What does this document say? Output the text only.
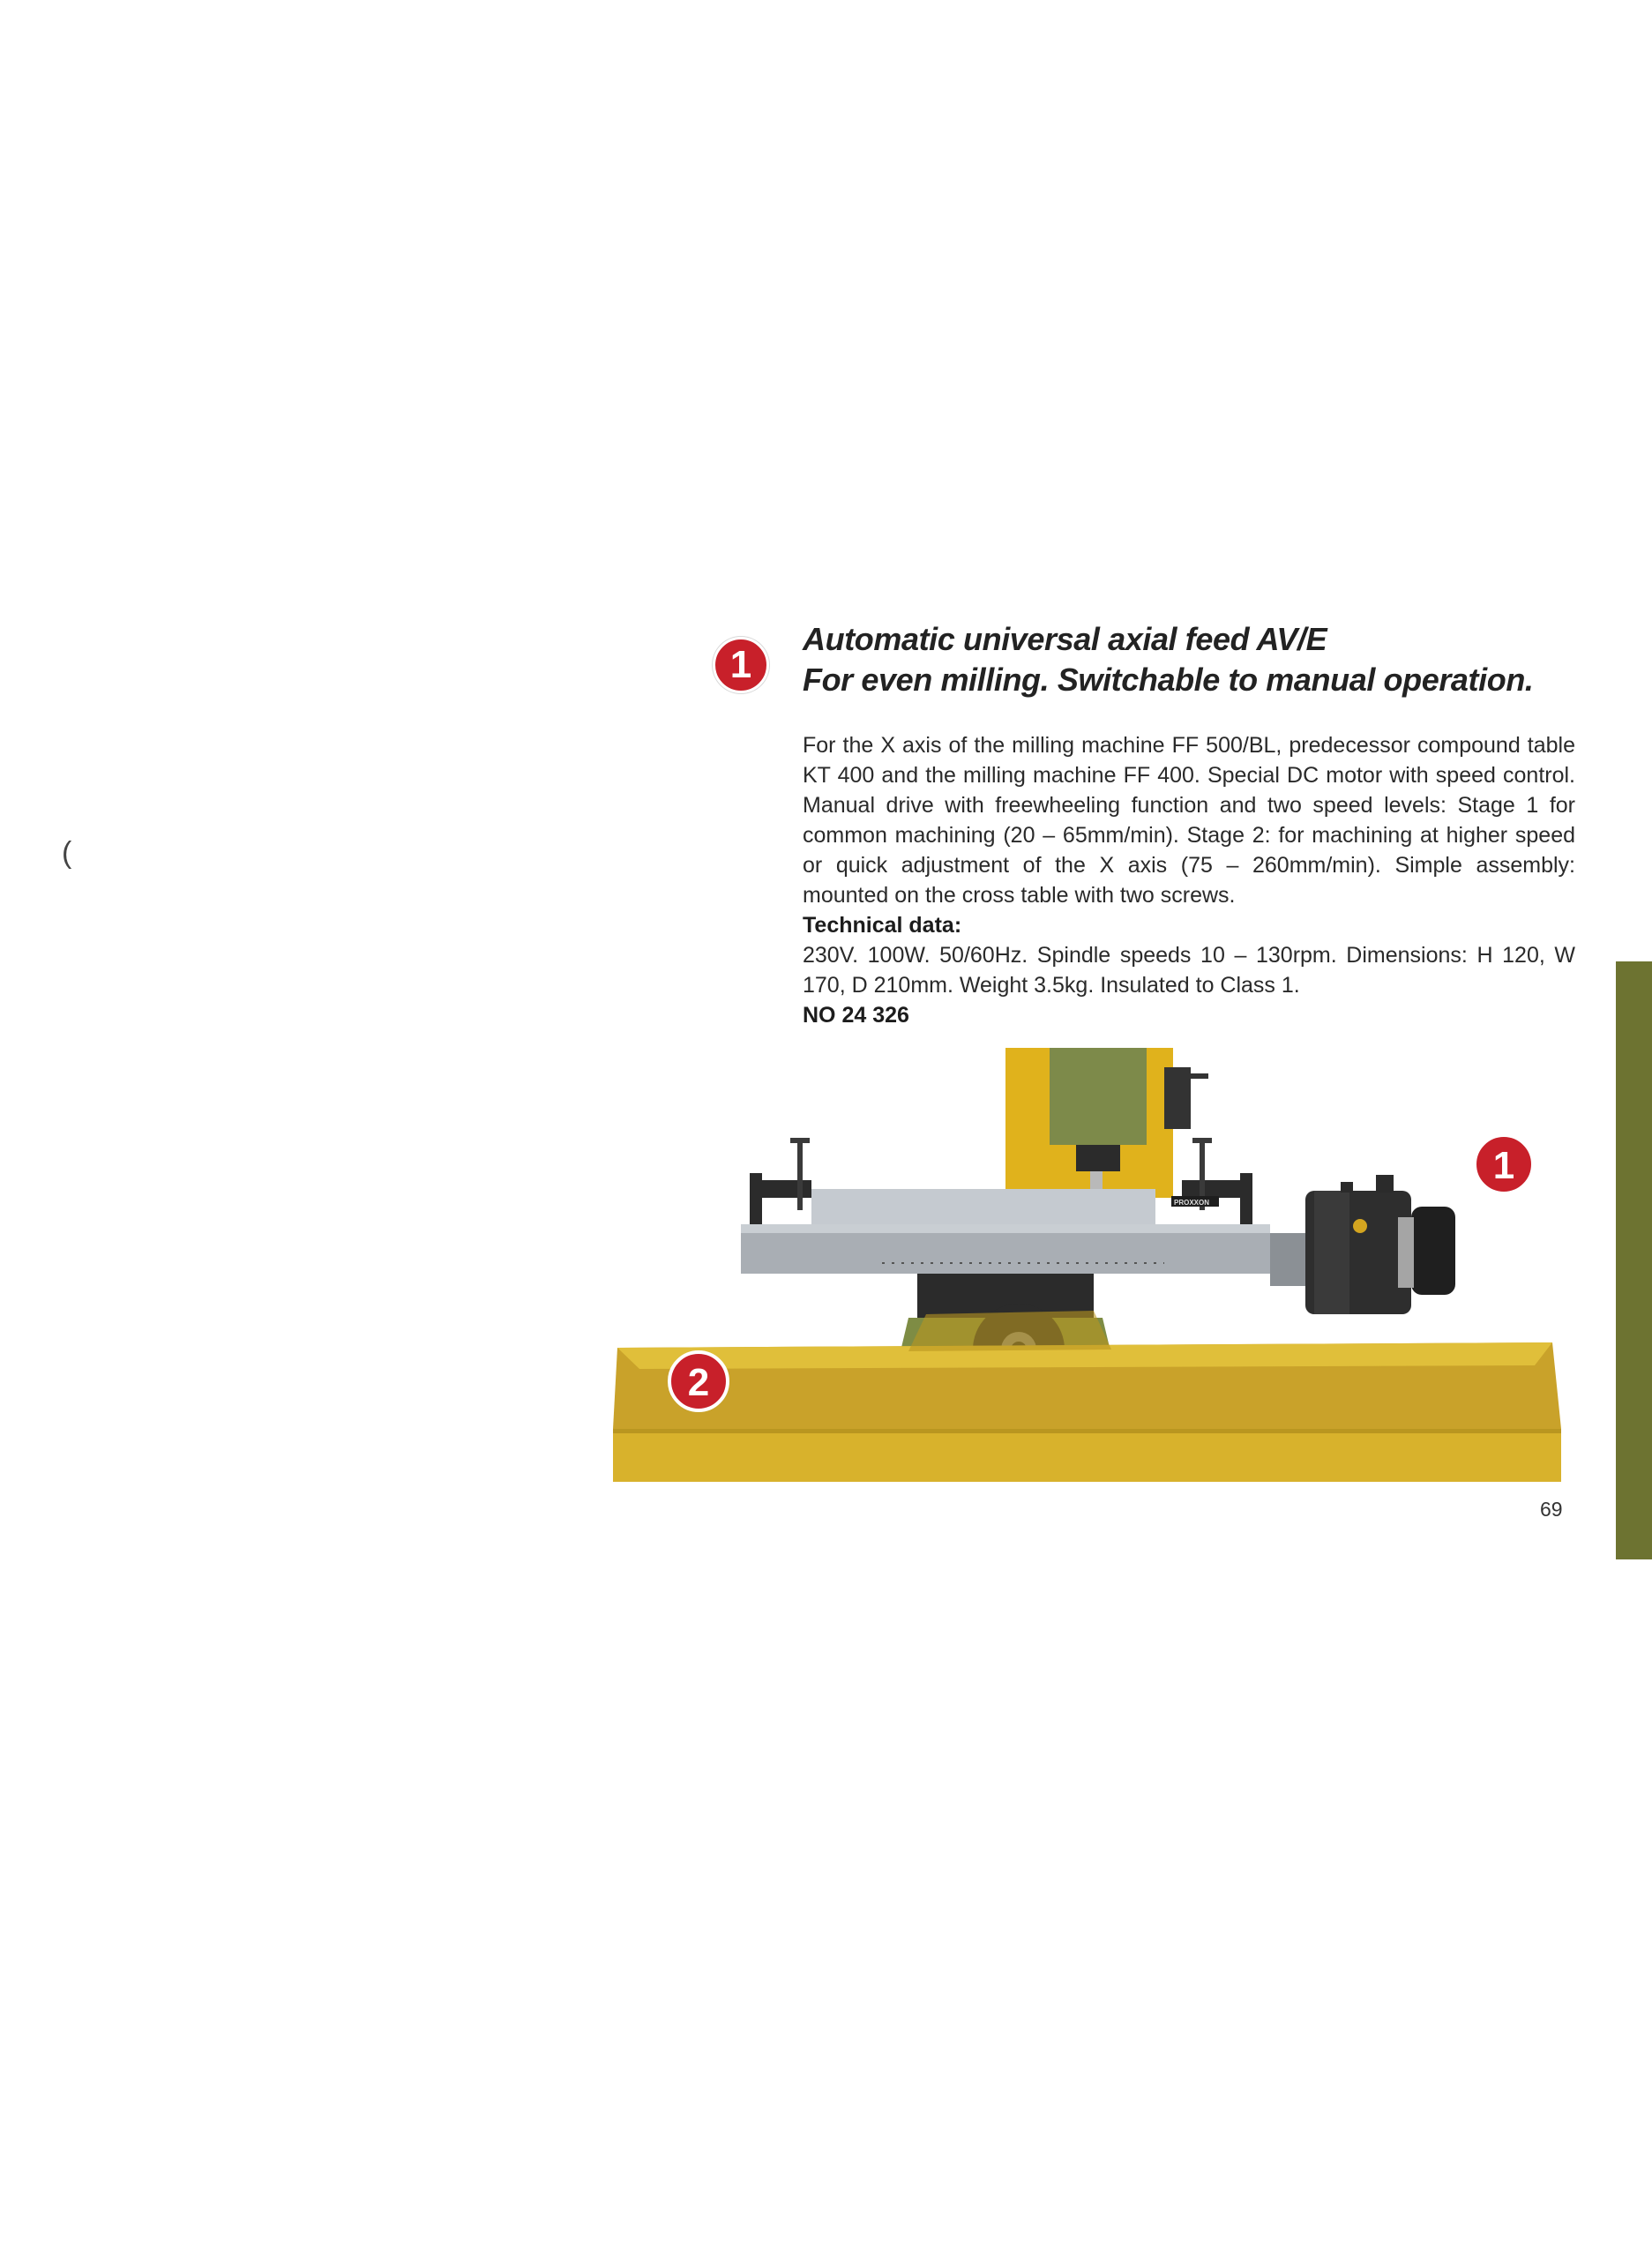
(
1
Automatic universal axial feed AV/E
For even milling. Switchable to manual operation.

For the X axis of the milling machine FF 500/BL, predecessor compound table KT 400 and the milling machine FF 400. Special DC motor with speed control. Manual drive with freewheeling function and two speed levels: Stage 1 for common machining (20 – 65mm/min). Stage 2: for machining at higher speed or quick adjustment of the X axis (75 – 260mm/min). Simple assembly: mounted on the cross table with two screws.

Technical data:

230V. 100W. 50/60Hz. Spindle speeds 10 – 130rpm. Dimensions: H 120, W 170, D 210mm. Weight 3.5kg. Insulated to Class 1.

NO 24 326

PROXXON
1
2
69
